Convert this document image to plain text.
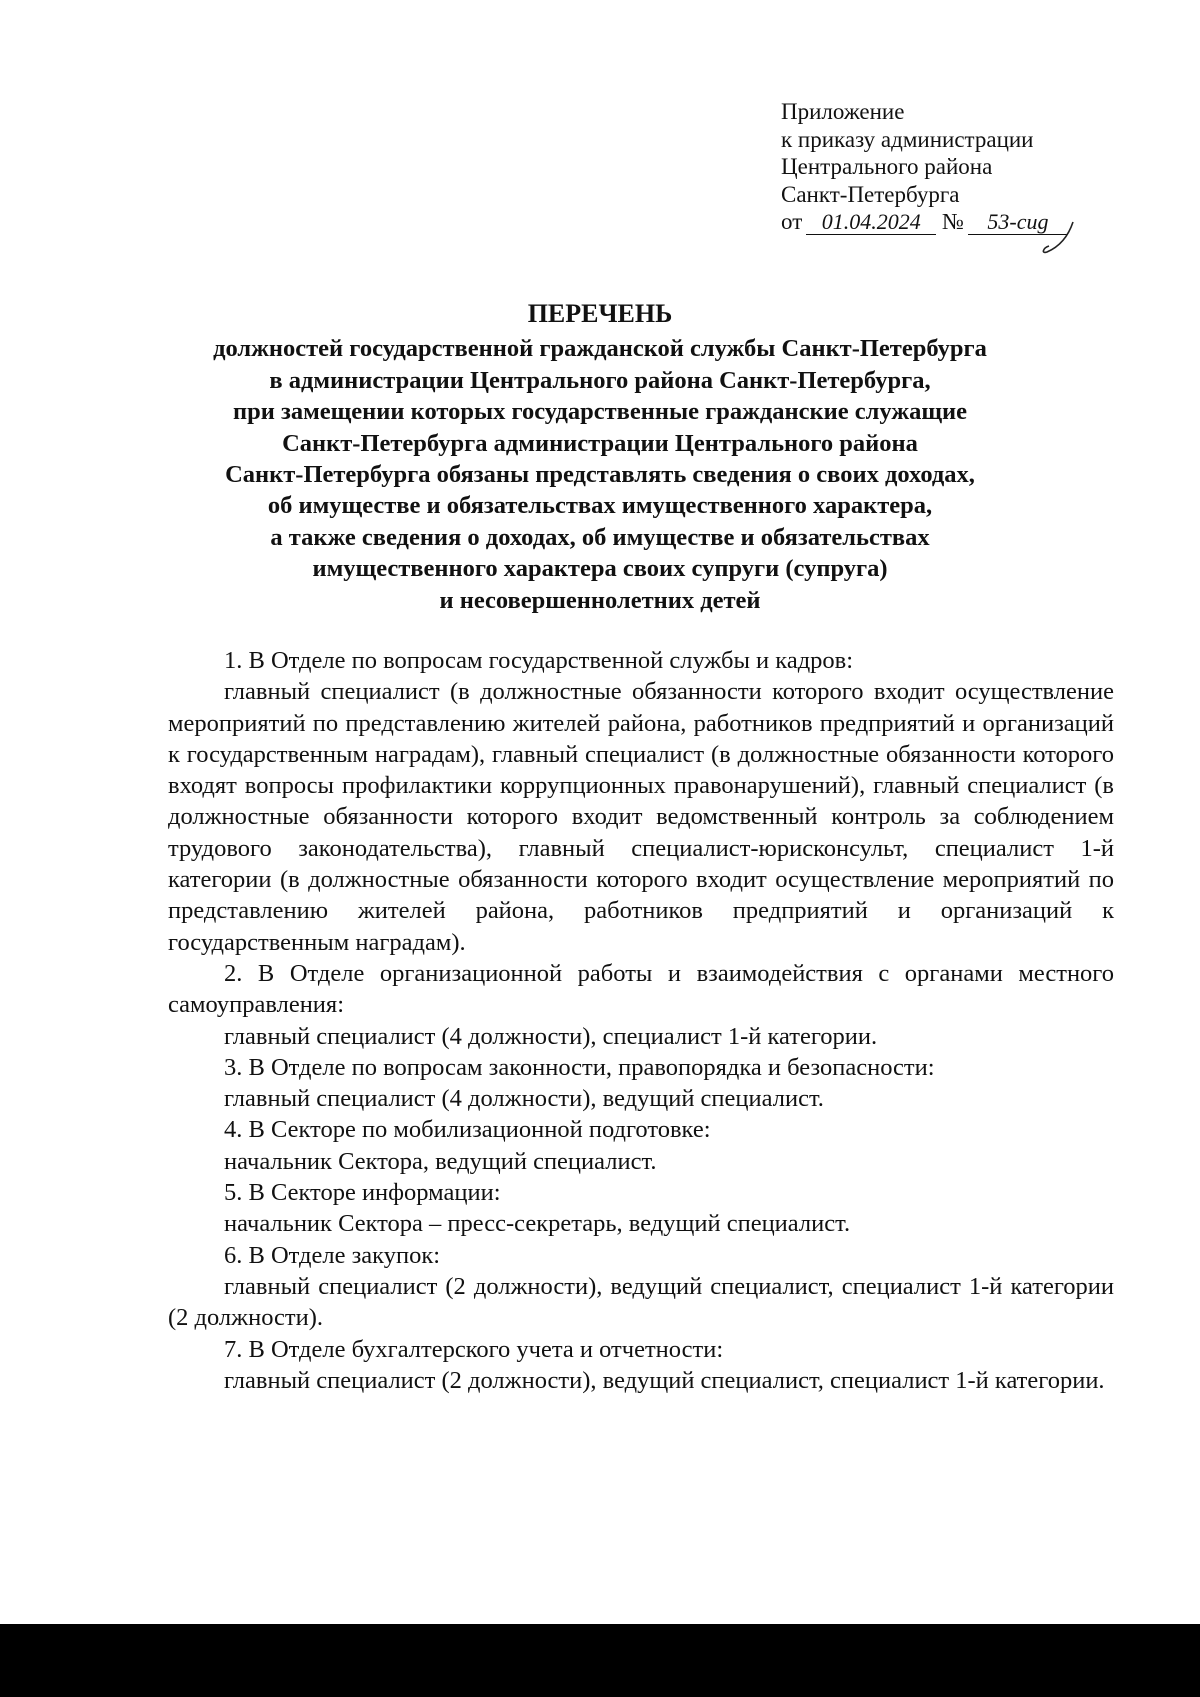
Приложение
к приказу администрации
Центрального района
Санкт-Петербурга
от 01.04.2024 № 53-cug
ПЕРЕЧЕНЬ
должностей государственной гражданской службы Санкт-Петербурга
в администрации Центрального района Санкт-Петербурга,
при замещении которых государственные гражданские служащие
Санкт-Петербурга администрации Центрального района
Санкт-Петербурга обязаны представлять сведения о своих доходах,
об имуществе и обязательствах имущественного характера,
а также сведения о доходах, об имуществе и обязательствах
имущественного характера своих супруги (супруга)
и несовершеннолетних детей
1. В Отделе по вопросам государственной службы и кадров:
главный специалист (в должностные обязанности которого входит осуществление мероприятий по представлению жителей района, работников предприятий и организаций к государственным наградам), главный специалист (в должностные обязанности которого входят вопросы профилактики коррупционных правонарушений), главный специалист (в должностные обязанности которого входит ведомственный контроль за соблюдением трудового законодательства), главный специалист-юрисконсульт, специалист 1-й категории (в должностные обязанности которого входит осуществление мероприятий по представлению жителей района, работников предприятий и организаций к государственным наградам).
2. В Отделе организационной работы и взаимодействия с органами местного самоуправления:
главный специалист (4 должности), специалист 1-й категории.
3. В Отделе по вопросам законности, правопорядка и безопасности:
главный специалист (4 должности), ведущий специалист.
4. В Секторе по мобилизационной подготовке:
начальник Сектора, ведущий специалист.
5. В Секторе информации:
начальник Сектора – пресс-секретарь, ведущий специалист.
6. В Отделе закупок:
главный специалист (2 должности), ведущий специалист, специалист 1-й категории (2 должности).
7. В Отделе бухгалтерского учета и отчетности:
главный специалист (2 должности), ведущий специалист, специалист 1-й категории.
